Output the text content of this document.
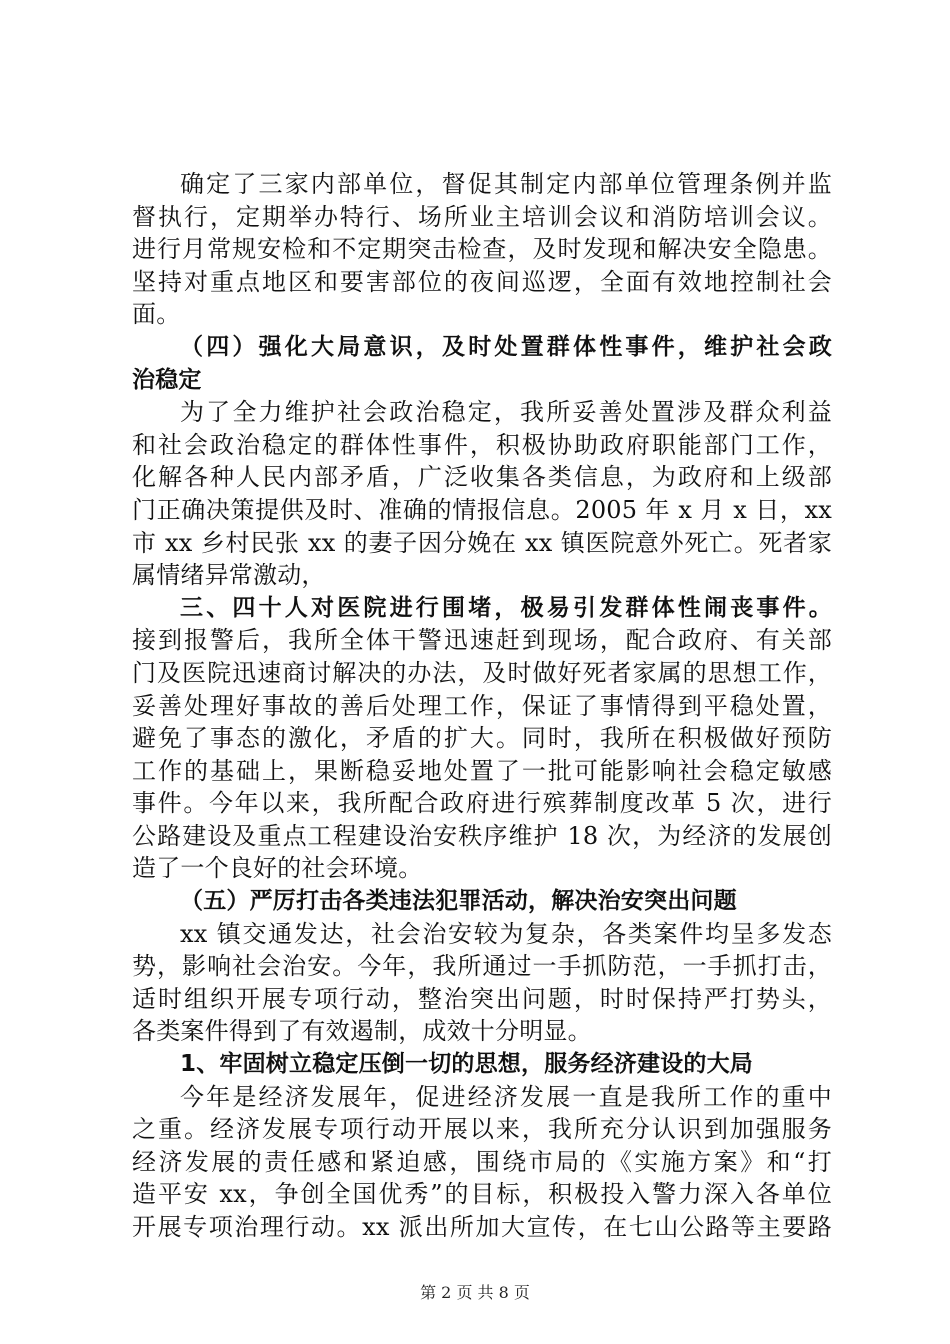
确定了三家内部单位，督促其制定内部单位管理条例并监
督执行，定期举办特行、场所业主培训会议和消防培训会议。
进行月常规安检和不定期突击检查，及时发现和解决安全隐患。
坚持对重点地区和要害部位的夜间巡逻，全面有效地控制社会
面。
（四）强化大局意识，及时处置群体性事件，维护社会政
治稳定
为了全力维护社会政治稳定，我所妥善处置涉及群众利益
和社会政治稳定的群体性事件，积极协助政府职能部门工作，
化解各种人民内部矛盾，广泛收集各类信息，为政府和上级部
门正确决策提供及时、准确的情报信息。2005 年 x 月 x 日，xx
市 xx 乡村民张 xx 的妻子因分娩在 xx 镇医院意外死亡。死者家
属情绪异常激动，
三、四十人对医院进行围堵，极易引发群体性闹丧事件。
接到报警后，我所全体干警迅速赶到现场，配合政府、有关部
门及医院迅速商讨解决的办法，及时做好死者家属的思想工作，
妥善处理好事故的善后处理工作，保证了事情得到平稳处置，
避免了事态的激化，矛盾的扩大。同时，我所在积极做好预防
工作的基础上，果断稳妥地处置了一批可能影响社会稳定敏感
事件。今年以来，我所配合政府进行殡葬制度改革 5 次，进行
公路建设及重点工程建设治安秩序维护 18 次，为经济的发展创
造了一个良好的社会环境。
（五）严厉打击各类违法犯罪活动，解决治安突出问题
xx 镇交通发达，社会治安较为复杂，各类案件均呈多发态
势，影响社会治安。今年，我所通过一手抓防范，一手抓打击，
适时组织开展专项行动，整治突出问题，时时保持严打势头，
各类案件得到了有效遏制，成效十分明显。
1、牢固树立稳定压倒一切的思想，服务经济建设的大局
今年是经济发展年，促进经济发展一直是我所工作的重中
之重。经济发展专项行动开展以来，我所充分认识到加强服务
经济发展的责任感和紧迫感，围绕市局的《实施方案》和“打
造平安 xx，争创全国优秀”的目标，积极投入警力深入各单位
开展专项治理行动。xx 派出所加大宣传，在七山公路等主要路
第 2 页 共 8 页
